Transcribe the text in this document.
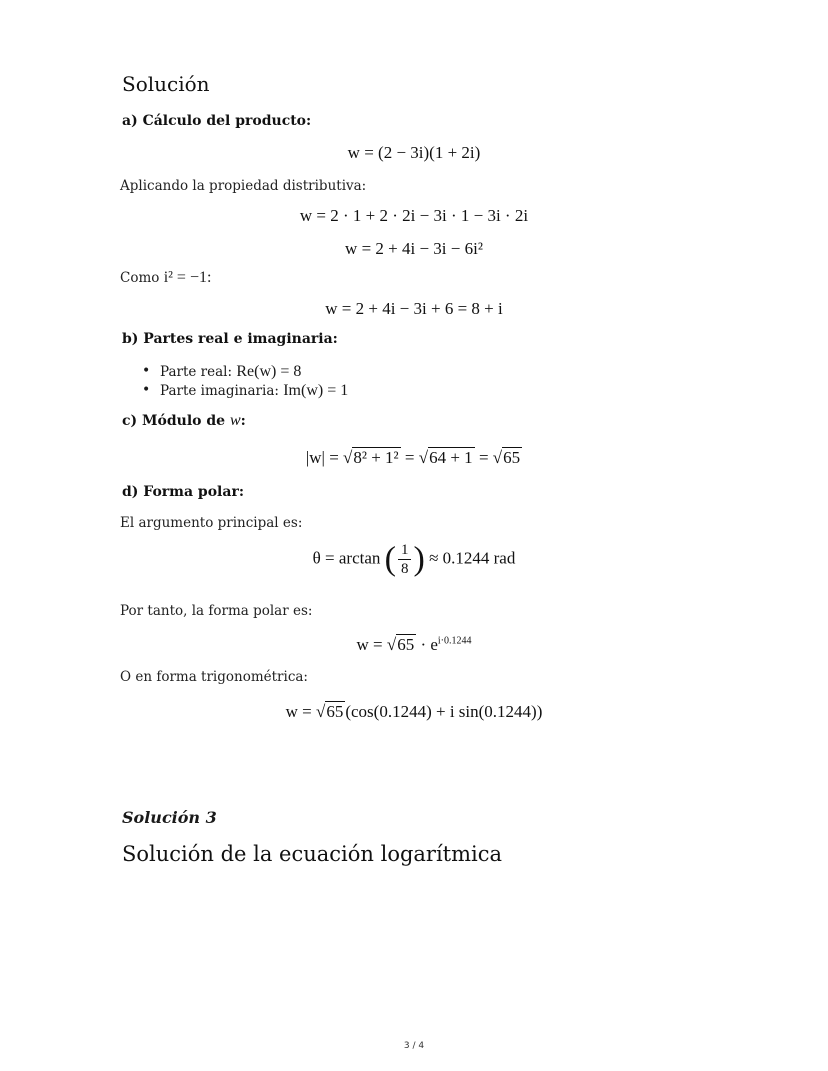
Solución

a) Cálculo del producto:

w = (2 − 3i)(1 + 2i)

Aplicando la propiedad distributiva:

w = 2 · 1 + 2 · 2i − 3i · 1 − 3i · 2i

w = 2 + 4i − 3i − 6i²

Como i² = −1:

w = 2 + 4i − 3i + 6 = 8 + i

b) Partes real e imaginaria:

• Parte real: Re(w) = 8
• Parte imaginaria: Im(w) = 1

c) Módulo de w:

|w| = √8² + 1² = √64 + 1 = √65

d) Forma polar:

El argumento principal es:

θ = arctan ( $\frac{1}{8}$ ) ≈ 0.1244 rad

Por tanto, la forma polar es:

$w = √65 \cdot e^{i\cdot 0.1244}$

O en forma trigonométrica:

w = √65 (cos(0.1244) + i sin(0.1244))

Solución 3

Solución de la ecuación logarítmica
3 / 4
